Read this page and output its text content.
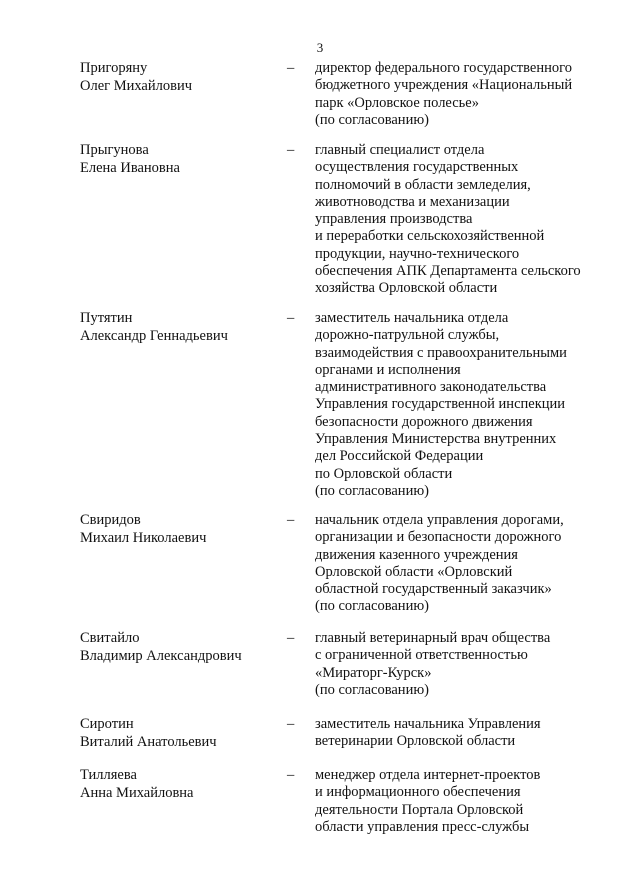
3
Пригоряну
Олег Михайлович
– директор федерального государственного
бюджетного учреждения «Национальный
парк «Орловское полесье»
(по согласованию)
Прыгунова
Елена Ивановна
– главный специалист отдела
осуществления государственных
полномочий в области земледелия,
животноводства и механизации
управления производства
и переработки сельскохозяйственной
продукции, научно-технического
обеспечения АПК Департамента сельского
хозяйства Орловской области
Путятин
Александр Геннадьевич
– заместитель начальника отдела
дорожно-патрульной службы,
взаимодействия с правоохранительными
органами и исполнения
административного законодательства
Управления государственной инспекции
безопасности дорожного движения
Управления Министерства внутренних
дел Российской Федерации
по Орловской области
(по согласованию)
Свиридов
Михаил Николаевич
– начальник отдела управления дорогами,
организации и безопасности дорожного
движения казенного учреждения
Орловской области «Орловский
областной государственный заказчик»
(по согласованию)
Свитайло
Владимир Александрович
– главный ветеринарный врач общества
с ограниченной ответственностью
«Мираторг-Курск»
(по согласованию)
Сиротин
Виталий Анатольевич
– заместитель начальника Управления
ветеринарии Орловской области
Тилляева
Анна Михайловна
– менеджер отдела интернет-проектов
и информационного обеспечения
деятельности Портала Орловской
области управления пресс-службы
